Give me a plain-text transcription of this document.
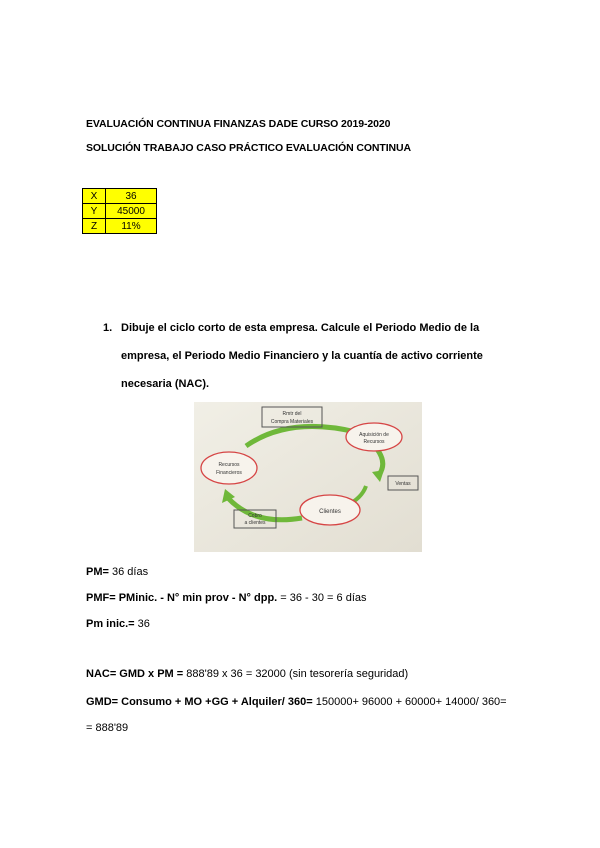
EVALUACIÓN CONTINUA FINANZAS DADE CURSO 2019-2020
SOLUCIÓN TRABAJO CASO PRÁCTICO EVALUACIÓN CONTINUA
X	36
Y	45000
Z	11%
1. Dibuje el ciclo corto de esta empresa. Calcule el Periodo Medio de la
empresa, el Periodo Medio Financiero y la cuantía de activo corriente
necesaria (NAC).
Rmtr del
Compra Materiales
Aquisición de
Recursos
Recursos
Financieros
Ventas
Clientes
Cobro
a clientes
PM= 36 días
PMF= PMinic. - N° min prov - N° dpp. = 36 - 30 = 6 días
Pm inic.= 36
NAC= GMD x PM = 888'89 x 36 = 32000 (sin tesorería seguridad)
GMD= Consumo + MO +GG + Alquiler/ 360= 150000+ 96000 + 60000+ 14000/ 360=
= 888'89
